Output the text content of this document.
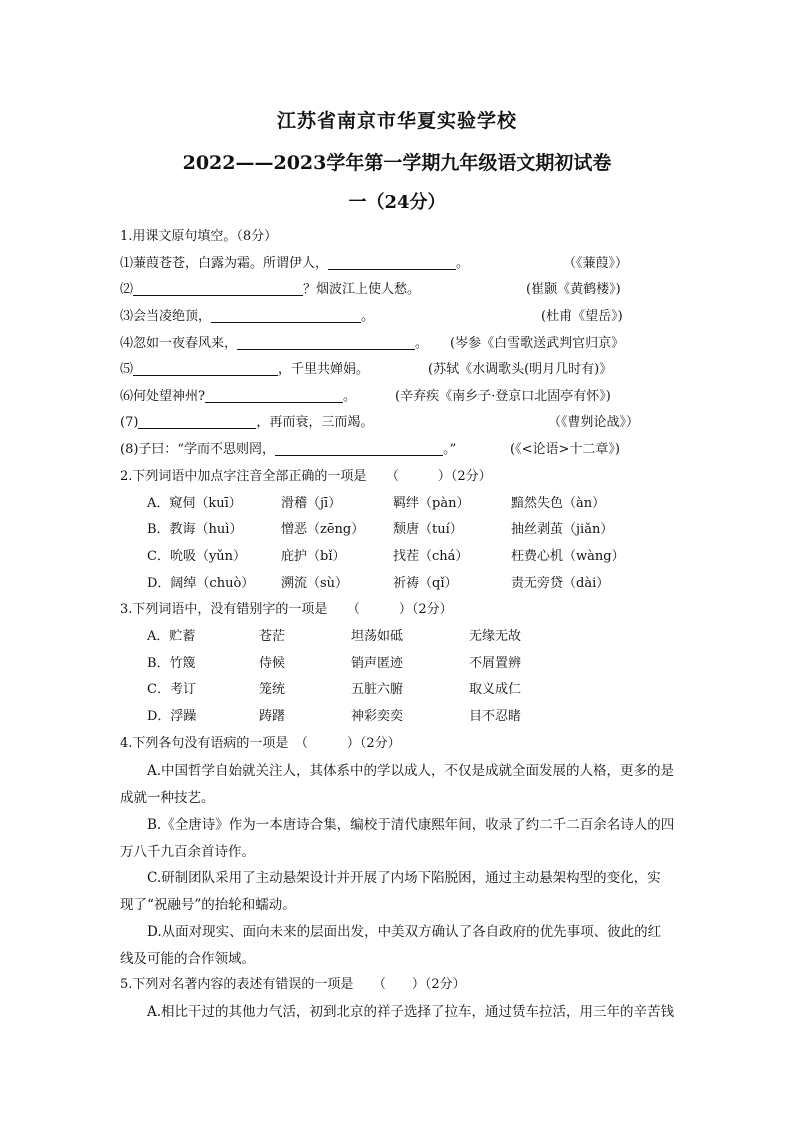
江苏省南京市华夏实验学校
2022——2023学年第一学期九年级语文期初试卷
一（24分）
1.用课文原句填空。（8分）
⑴蒹葭苍苍，白露为霜。所谓伊人，	。	（《蒹葭》）
⑵	？烟波江上使人愁。	(崔颢《黄鹤楼》)
⑶会当凌绝顶，	。	(杜甫《望岳》)
⑷忽如一夜春风来，	。 (岑参《白雪歌送武判官归京》
⑸	，千里共婵娟。	(苏轼《水调歌头(明月几时有)》
⑹何处望神州?	。	(辛弃疾《南乡子·登京口北固亭有怀》)
(7)	，再而衰，三而竭。	（《曹刿论战》）
(8)子曰：“学而不思则罔，	。”	(《<论语>十二章》)
2.下列词语中加点字注音全部正确的一项是　　（　　　）（2分）
A．窥伺（kuī）	滑稽（jī）	羁绊（pàn）	黯然失色（àn）
B．教诲（huì）	憎恶（zēng） 颓唐（tuí）	抽丝剥茧（jiǎn）
C．吮吸（yǔn）	庇护（bǐ）	找茬（chá）	枉费心机（wàng）
D．阔绰（chuò） 溯流（sù）	祈祷（qǐ）	责无旁贷（dài）
3.下列词语中，没有错别字的一项是　　（　　　）（2分）
A．贮蓄	苍茫	坦荡如砥	无缘无故
B．竹篾	侍候	销声匿迹	不屑置辨
C．考订	笼统	五脏六腑	取义成仁
D．浮躁	踌躇	神彩奕奕	目不忍睹
4.下列各句没有语病的一项是　（　　　）（2分）
A.中国哲学自始就关注人，其体系中的学以成人，不仅是成就全面发展的人格，更多的是
成就一种技艺。
B.《全唐诗》作为一本唐诗合集，编校于清代康熙年间，收录了约二千二百余名诗人的四
万八千九百余首诗作。
C.研制团队采用了主动悬架设计并开展了内场下陷脱困，通过主动悬架构型的变化，实
现了“祝融号”的抬轮和蠕动。
D.从面对现实、面向未来的层面出发，中美双方确认了各自政府的优先事项、彼此的红
线及可能的合作领域。
5.下列对名著内容的表述有错误的一项是　　（　　）（2分）
A.相比干过的其他力气活，初到北京的祥子选择了拉车，通过赁车拉活，用三年的辛苦钱
